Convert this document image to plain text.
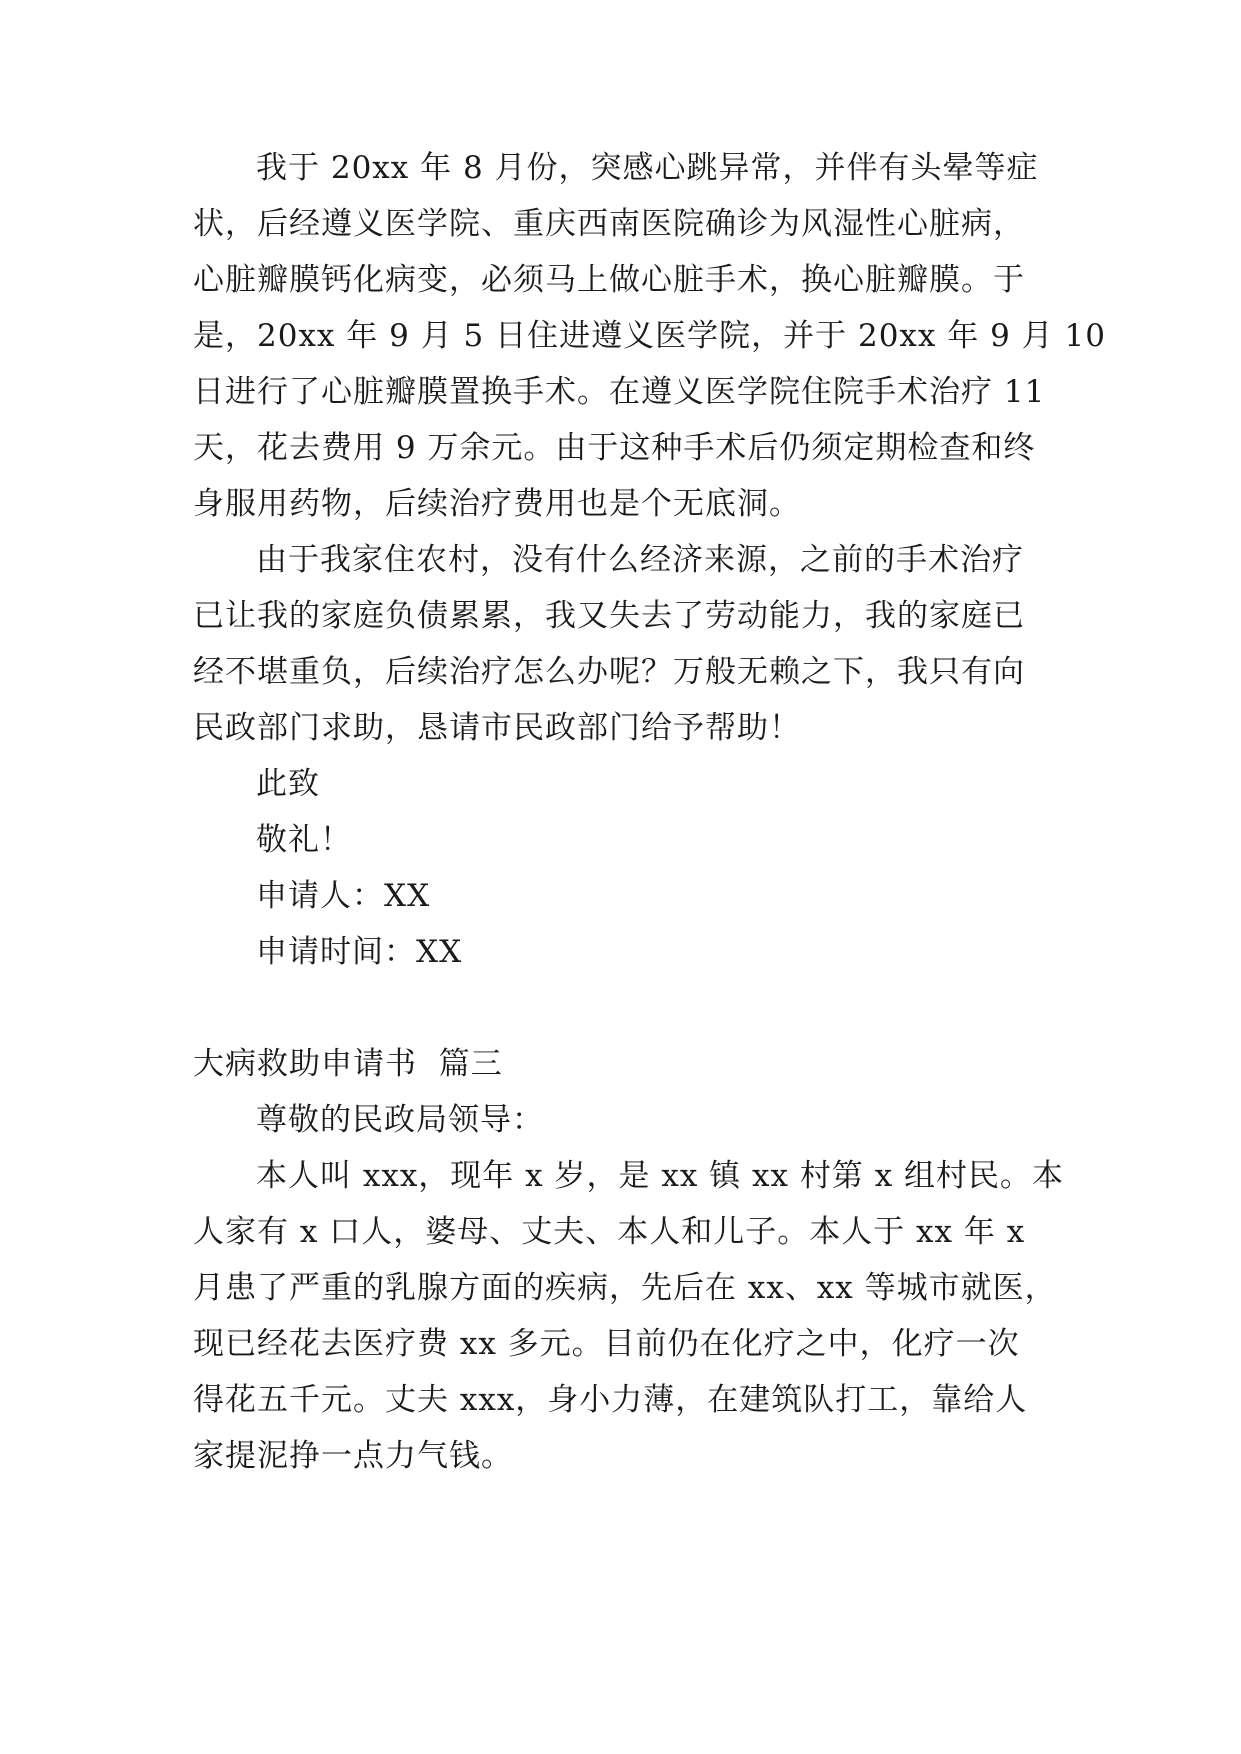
我于 20xx 年 8 月份，突感心跳异常，并伴有头晕等症
状，后经遵义医学院、重庆西南医院确诊为风湿性心脏病，
心脏瓣膜钙化病变，必须马上做心脏手术，换心脏瓣膜。于
是，20xx 年 9 月 5 日住进遵义医学院，并于 20xx 年 9 月 10
日进行了心脏瓣膜置换手术。在遵义医学院住院手术治疗 11
天，花去费用 9 万余元。由于这种手术后仍须定期检查和终
身服用药物，后续治疗费用也是个无底洞。
由于我家住农村，没有什么经济来源，之前的手术治疗
已让我的家庭负债累累，我又失去了劳动能力，我的家庭已
经不堪重负，后续治疗怎么办呢？万般无赖之下，我只有向
民政部门求助，恳请市民政部门给予帮助！
此致
敬礼！
申请人：XX
申请时间：XX
大病救助申请书  篇三
尊敬的民政局领导：
本人叫 xxx，现年 x 岁，是 xx 镇 xx 村第 x 组村民。本
人家有 x 口人，婆母、丈夫、本人和儿子。本人于 xx 年 x
月患了严重的乳腺方面的疾病，先后在 xx、xx 等城市就医，
现已经花去医疗费 xx 多元。目前仍在化疗之中，化疗一次
得花五千元。丈夫 xxx，身小力薄，在建筑队打工，靠给人
家提泥挣一点力气钱。
